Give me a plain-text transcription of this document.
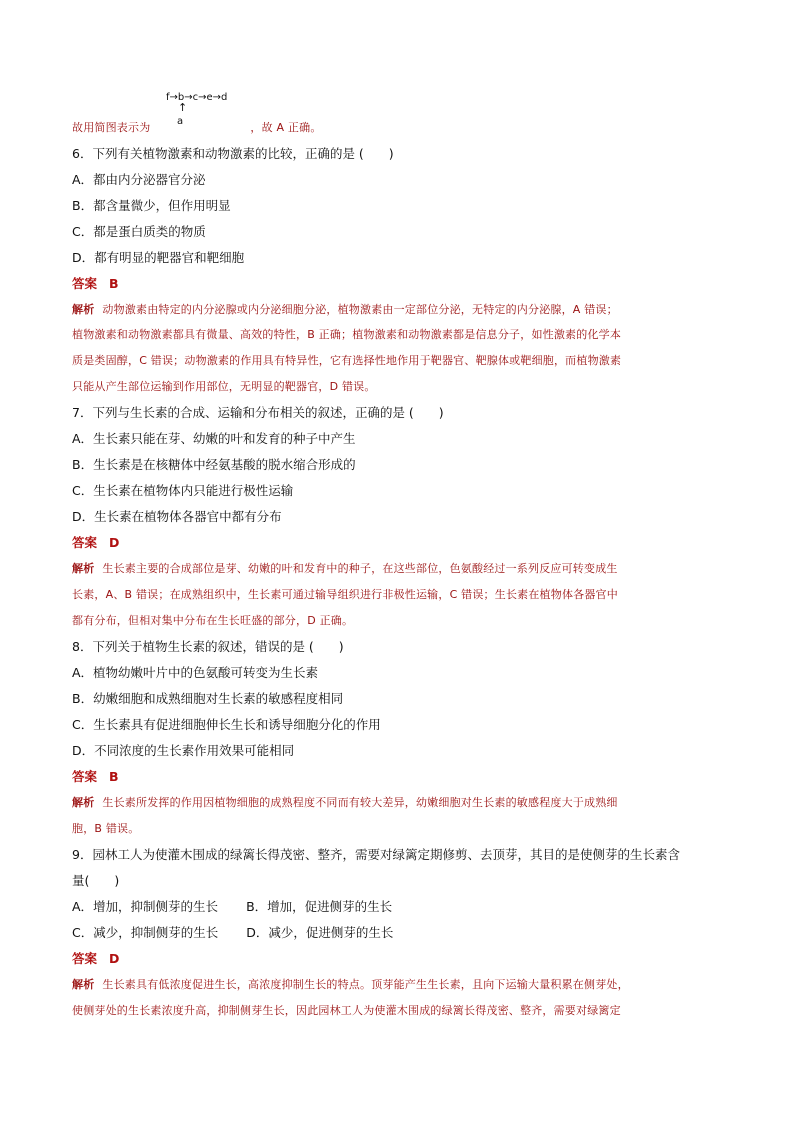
f→b→c→e→d
↑
a
故用简图表示为	，故 A 正确。
6．下列有关植物激素和动物激素的比较，正确的是 (　　)
A．都由内分泌器官分泌
B．都含量微少，但作用明显
C．都是蛋白质类的物质
D．都有明显的靶器官和靶细胞
答案 B
解析 动物激素由特定的内分泌腺或内分泌细胞分泌，植物激素由一定部位分泌，无特定的内分泌腺，A 错误；
植物激素和动物激素都具有微量、高效的特性，B 正确；植物激素和动物激素都是信息分子，如性激素的化学本
质是类固醇，C 错误；动物激素的作用具有特异性，它有选择性地作用于靶器官、靶腺体或靶细胞，而植物激素
只能从产生部位运输到作用部位，无明显的靶器官，D 错误。
7．下列与生长素的合成、运输和分布相关的叙述，正确的是 (　　)
A．生长素只能在芽、幼嫩的叶和发育的种子中产生
B．生长素是在核糖体中经氨基酸的脱水缩合形成的
C．生长素在植物体内只能进行极性运输
D．生长素在植物体各器官中都有分布
答案 D
解析 生长素主要的合成部位是芽、幼嫩的叶和发育中的种子，在这些部位，色氨酸经过一系列反应可转变成生
长素，A、B 错误；在成熟组织中，生长素可通过输导组织进行非极性运输，C 错误；生长素在植物体各器官中
都有分布，但相对集中分布在生长旺盛的部分，D 正确。
8．下列关于植物生长素的叙述，错误的是 (　　)
A．植物幼嫩叶片中的色氨酸可转变为生长素
B．幼嫩细胞和成熟细胞对生长素的敏感程度相同
C．生长素具有促进细胞伸长生长和诱导细胞分化的作用
D．不同浓度的生长素作用效果可能相同
答案 B
解析 生长素所发挥的作用因植物细胞的成熟程度不同而有较大差异，幼嫩细胞对生长素的敏感程度大于成熟细
胞，B 错误。
9．园林工人为使灌木围成的绿篱长得茂密、整齐，需要对绿篱定期修剪、去顶芽，其目的是使侧芽的生长素含
量(　　)
A．增加，抑制侧芽的生长 B．增加，促进侧芽的生长
C．减少，抑制侧芽的生长 D．减少，促进侧芽的生长
答案 D
解析 生长素具有低浓度促进生长，高浓度抑制生长的特点。顶芽能产生生长素，且向下运输大量积累在侧芽处，
使侧芽处的生长素浓度升高，抑制侧芽生长，因此园林工人为使灌木围成的绿篱长得茂密、整齐，需要对绿篱定
